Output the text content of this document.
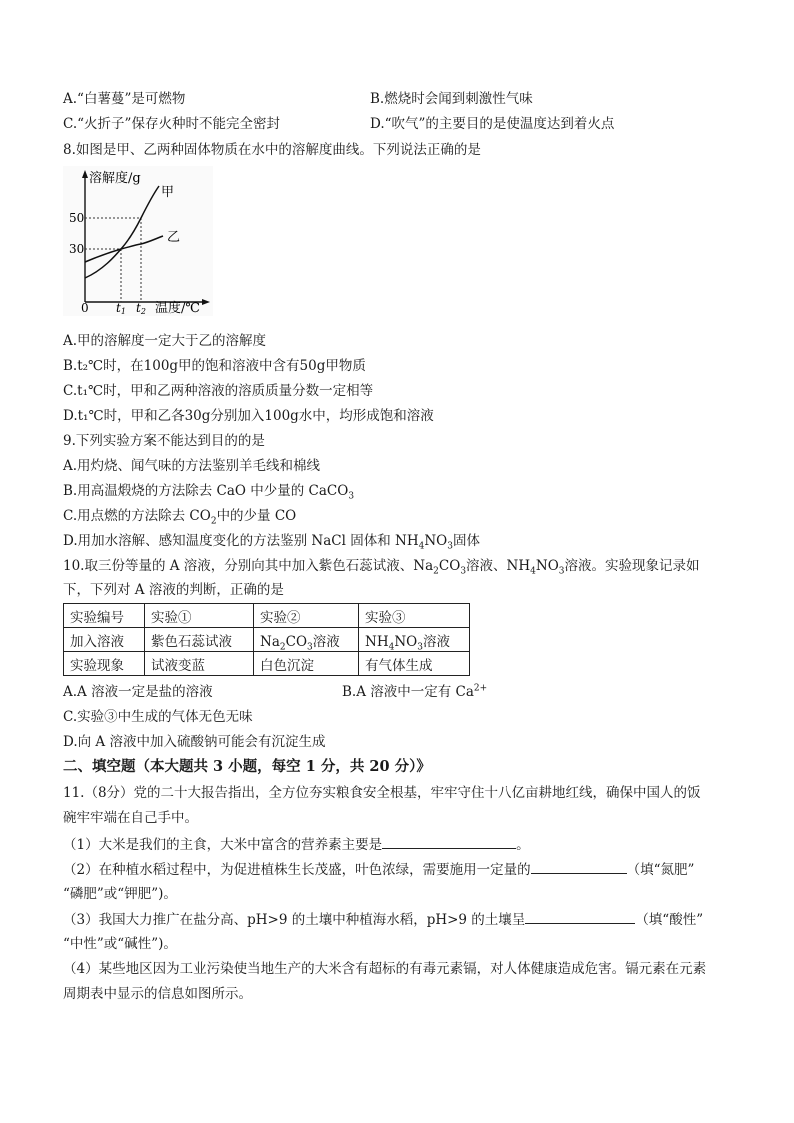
A.“白薯蔓”是可燃物	B.燃烧时会闻到刺激性气味
C.“火折子”保存火种时不能完全密封	D.“吹气”的主要目的是使温度达到着火点
8.如图是甲、乙两种固体物质在水中的溶解度曲线。下列说法正确的是
溶解度/g
甲
乙
50
30
0 t1 t2 温度/℃
A.甲的溶解度一定大于乙的溶解度
B.t₂℃时，在100g甲的饱和溶液中含有50g甲物质
C.t₁℃时，甲和乙两种溶液的溶质质量分数一定相等
D.t₁℃时，甲和乙各30g分别加入100g水中，均形成饱和溶液
9.下列实验方案不能达到目的的是
A.用灼烧、闻气味的方法鉴别羊毛线和棉线
B.用高温煅烧的方法除去 CaO 中少量的 CaCO$_3$
C.用点燃的方法除去 $CO_2$中的少量 CO
D.用加水溶解、感知温度变化的方法鉴别 NaCl 固体和 $NH_4NO_3$固体
10.取三份等量的 A 溶液，分别向其中加入紫色石蕊试液、$Na_2CO_3$溶液、$NH_4NO_3$溶液。实验现象记录如
下，下列对 A 溶液的判断，正确的是
实验编号	实验①	实验②	实验③
加入溶液	紫色石蕊试液	$Na_2CO_3$溶液	$NH_4NO_3$溶液
实验现象	试液变蓝	白色沉淀	有气体生成
A.A 溶液一定是盐的溶液	B.A 溶液中一定有 $Ca^{2+}$
C.实验③中生成的气体无色无味
D.向 A 溶液中加入硫酸钠可能会有沉淀生成
二、填空题（本大题共 3 小题，每空 1 分，共 20 分）》
11.（8分）党的二十大报告指出，全方位夯实粮食安全根基，牢牢守住十八亿亩耕地红线，确保中国人的饭
碗牢牢端在自己手中。
（1）大米是我们的主食，大米中富含的营养素主要是	。
（2）在种植水稻过程中，为促进植株生长茂盛，叶色浓绿，需要施用一定量的	（填“氮肥”
“磷肥”或“钾肥”)。
（3）我国大力推广在盐分高、pH>9 的土壤中种植海水稻，pH>9 的土壤呈	（填“酸性”
“中性”或“碱性”)。
（4）某些地区因为工业污染使当地生产的大米含有超标的有毒元素镉，对人体健康造成危害。镉元素在元素
周期表中显示的信息如图所示。
